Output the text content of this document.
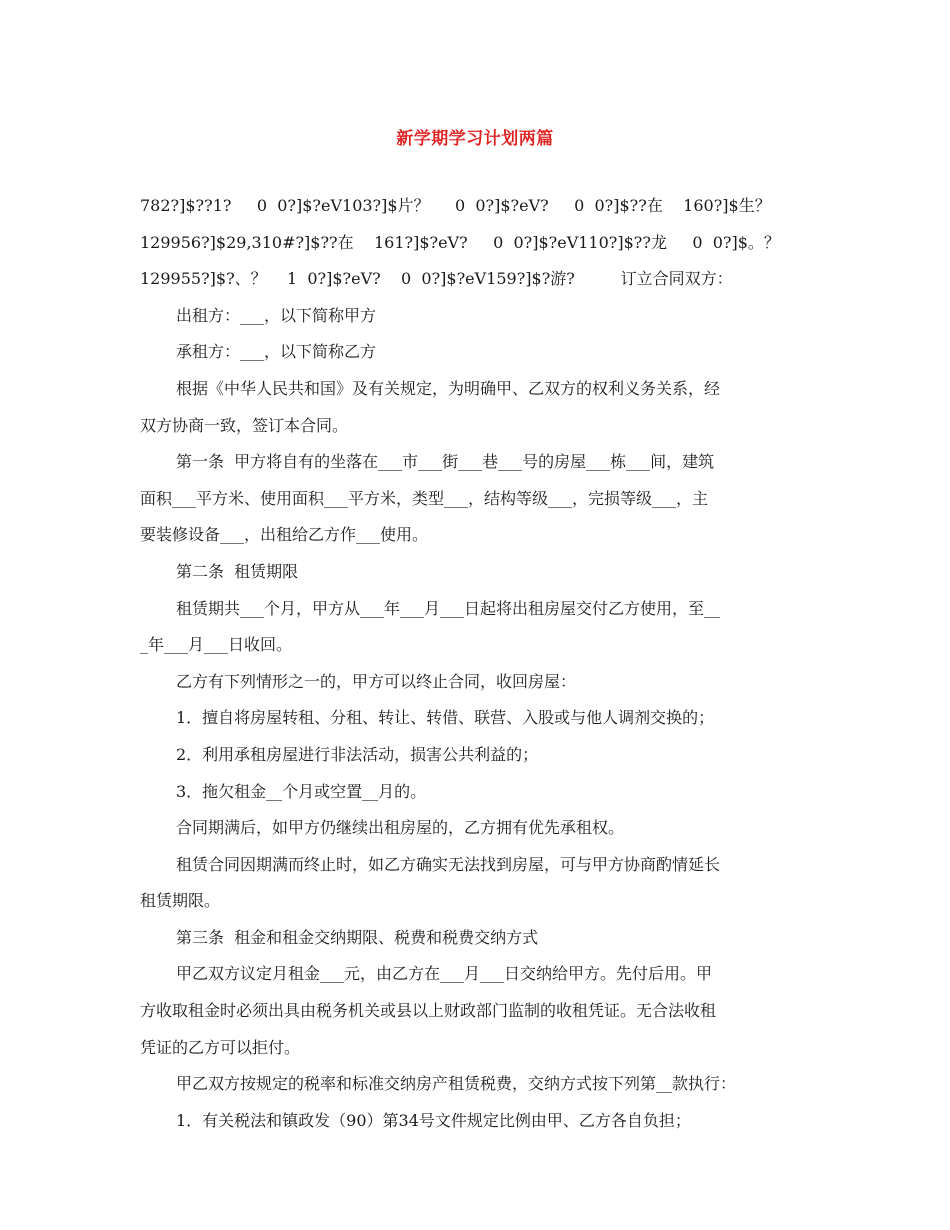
新学期学习计划两篇
782?]$??1?     0  0?]$?eV103?]$片？     0  0?]$?eV?     0  0?]$??在    160?]$生？
129956?]$29,310#?]$??在    161?]$?eV?     0  0?]$?eV110?]$??龙     0  0?]$。？
129955?]$?、？    1  0?]$?eV?    0  0?]$?eV159?]$?游?         订立合同双方：
出租方：___，以下简称甲方
承租方：___，以下简称乙方
根据《中华人民共和国》及有关规定，为明确甲、乙双方的权利义务关系，经
双方协商一致，签订本合同。
第一条  甲方将自有的坐落在___市___街___巷___号的房屋___栋___间，建筑
面积___平方米、使用面积___平方米，类型___，结构等级___，完损等级___，主
要装修设备___，出租给乙方作___使用。
第二条  租赁期限
租赁期共___个月，甲方从___年___月___日起将出租房屋交付乙方使用，至__
_年___月___日收回。
乙方有下列情形之一的，甲方可以终止合同，收回房屋：
1．擅自将房屋转租、分租、转让、转借、联营、入股或与他人调剂交换的；
2．利用承租房屋进行非法活动，损害公共利益的；
3．拖欠租金__个月或空置__月的。
合同期满后，如甲方仍继续出租房屋的，乙方拥有优先承租权。
租赁合同因期满而终止时，如乙方确实无法找到房屋，可与甲方协商酌情延长
租赁期限。
第三条  租金和租金交纳期限、税费和税费交纳方式
甲乙双方议定月租金___元，由乙方在___月___日交纳给甲方。先付后用。甲
方收取租金时必须出具由税务机关或县以上财政部门监制的收租凭证。无合法收租
凭证的乙方可以拒付。
甲乙双方按规定的税率和标准交纳房产租赁税费，交纳方式按下列第__款执行：
1．有关税法和镇政发（90）第34号文件规定比例由甲、乙方各自负担；
